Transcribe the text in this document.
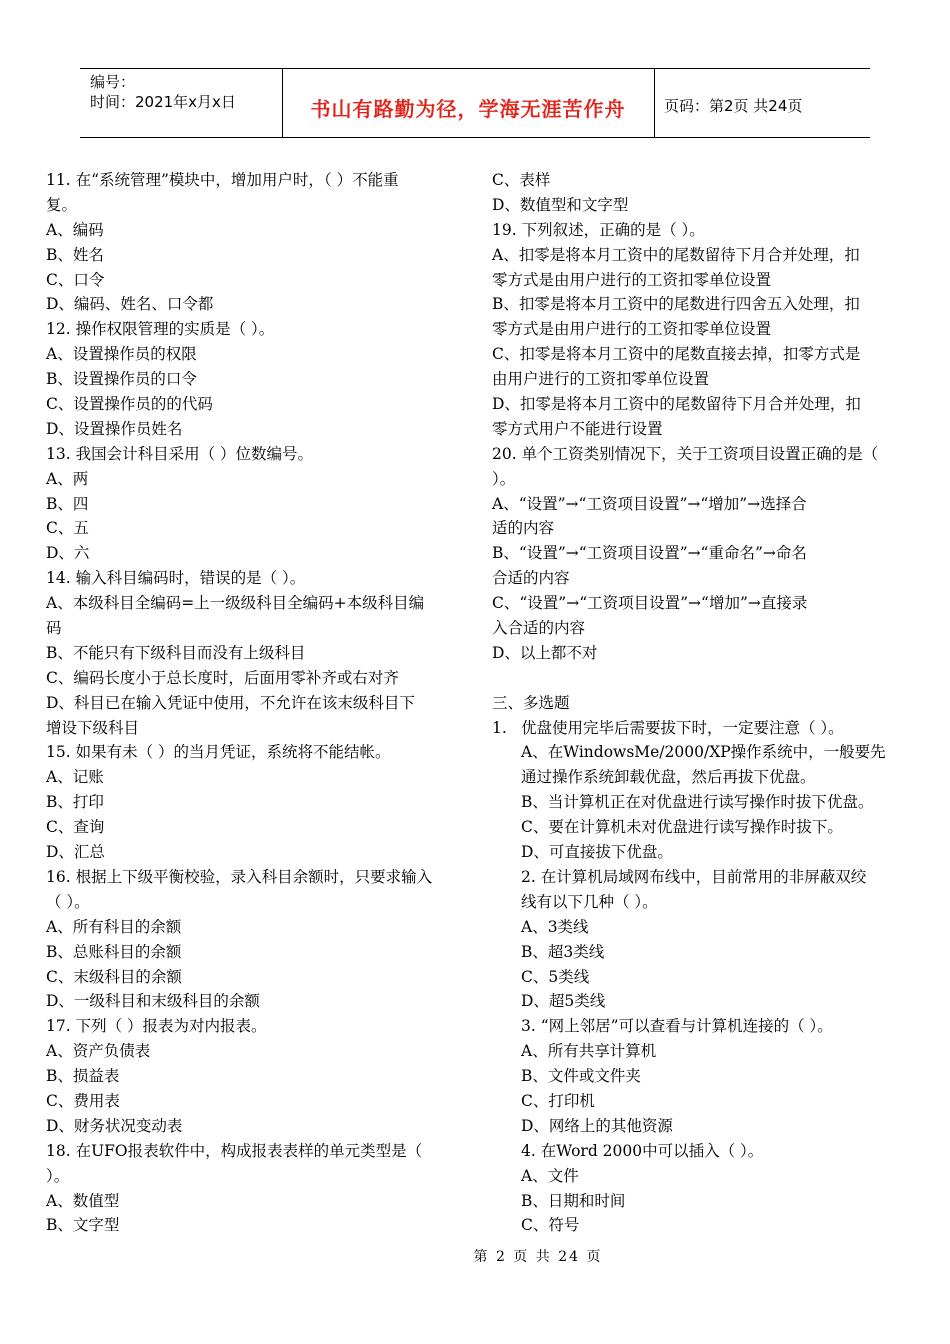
编号：
时间：2021年x月x日	书山有路勤为径，学海无涯苦作舟	页码：第2页 共24页
11. 在“系统管理”模块中，增加用户时，（ ）不能重
复。
A、编码
B、姓名
C、口令
D、编码、姓名、口令都
12. 操作权限管理的实质是（ ）。
A、设置操作员的权限
B、设置操作员的口令
C、设置操作员的的代码
D、设置操作员姓名
13. 我国会计科目采用（ ）位数编号。
A、两
B、四
C、五
D、六
14. 输入科目编码时，错误的是（ ）。
A、本级科目全编码=上一级级科目全编码+本级科目编
码
B、不能只有下级科目而没有上级科目
C、编码长度小于总长度时，后面用零补齐或右对齐
D、科目已在输入凭证中使用，不允许在该末级科目下
增设下级科目
15. 如果有未（ ）的当月凭证，系统将不能结帐。
A、记账
B、打印
C、查询
D、汇总
16. 根据上下级平衡校验，录入科目余额时，只要求输入
（ ）。
A、所有科目的余额
B、总账科目的余额
C、末级科目的余额
D、一级科目和末级科目的余额
17. 下列（ ）报表为对内报表。
A、资产负债表
B、损益表
C、费用表
D、财务状况变动表
18. 在UFO报表软件中，构成报表表样的单元类型是（
）。
A、数值型
B、文字型
C、表样
D、数值型和文字型
19. 下列叙述，正确的是（ ）。
A、扣零是将本月工资中的尾数留待下月合并处理，扣
零方式是由用户进行的工资扣零单位设置
B、扣零是将本月工资中的尾数进行四舍五入处理，扣
零方式是由用户进行的工资扣零单位设置
C、扣零是将本月工资中的尾数直接去掉，扣零方式是
由用户进行的工资扣零单位设置
D、扣零是将本月工资中的尾数留待下月合并处理，扣
零方式用户不能进行设置
20. 单个工资类别情况下，关于工资项目设置正确的是（
）。
A、“设置”→“工资项目设置”→“增加”→选择合
适的内容
B、“设置”→“工资项目设置”→“重命名”→命名
合适的内容
C、“设置”→“工资项目设置”→“增加”→直接录
入合适的内容
D、以上都不对
三、多选题
1. 优盘使用完毕后需要拔下时，一定要注意（ ）。
A、在WindowsMe/2000/XP操作系统中，一般要先
通过操作系统卸载优盘，然后再拔下优盘。
B、当计算机正在对优盘进行读写操作时拔下优盘。
C、要在计算机未对优盘进行读写操作时拔下。
D、可直接拔下优盘。
2. 在计算机局域网布线中，目前常用的非屏蔽双绞
线有以下几种（ ）。
A、3类线
B、超3类线
C、5类线
D、超5类线
3. “网上邻居”可以查看与计算机连接的（ ）。
A、所有共享计算机
B、文件或文件夹
C、打印机
D、网络上的其他资源
4. 在Word 2000中可以插入（ ）。
A、文件
B、日期和时间
C、符号
第 2 页 共 24 页
